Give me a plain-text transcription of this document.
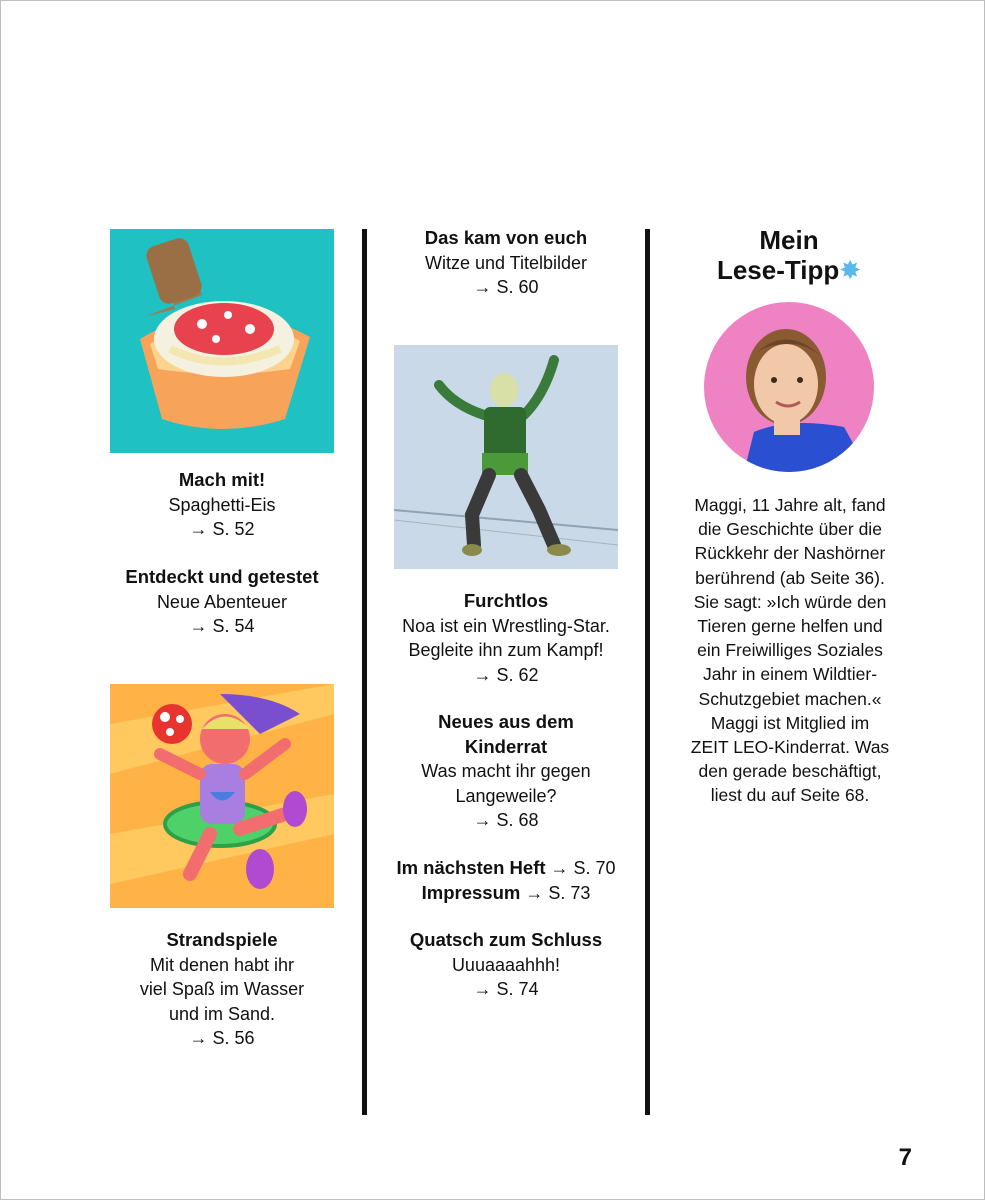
Mach mit!
Spaghetti-Eis
→ S. 52
Entdeckt und getestet
Neue Abenteuer
→ S. 54
Strandspiele
Mit denen habt ihr
viel Spaß im Wasser
und im Sand.
→ S. 56
Das kam von euch
Witze und Titelbilder
→ S. 60
Furchtlos
Noa ist ein Wrestling-Star.
Begleite ihn zum Kampf!
→ S. 62
Neues aus dem
Kinderrat
Was macht ihr gegen
Langeweile?
→ S. 68
Im nächsten Heft → S. 70
Impressum → S. 73
Quatsch zum Schluss
Uuuaaaahhh!
→ S. 74
Mein
Lese-Tipp✸
Maggi, 11 Jahre alt, fand
die Geschichte über die
Rückkehr der Nashörner
berührend (ab Seite 36).
Sie sagt: »Ich würde den
Tieren gerne helfen und
ein Freiwilliges Soziales
Jahr in einem Wildtier-
Schutzgebiet machen.«
Maggi ist Mitglied im
ZEIT LEO-Kinderrat. Was
den gerade beschäftigt,
liest du auf Seite 68.
7
